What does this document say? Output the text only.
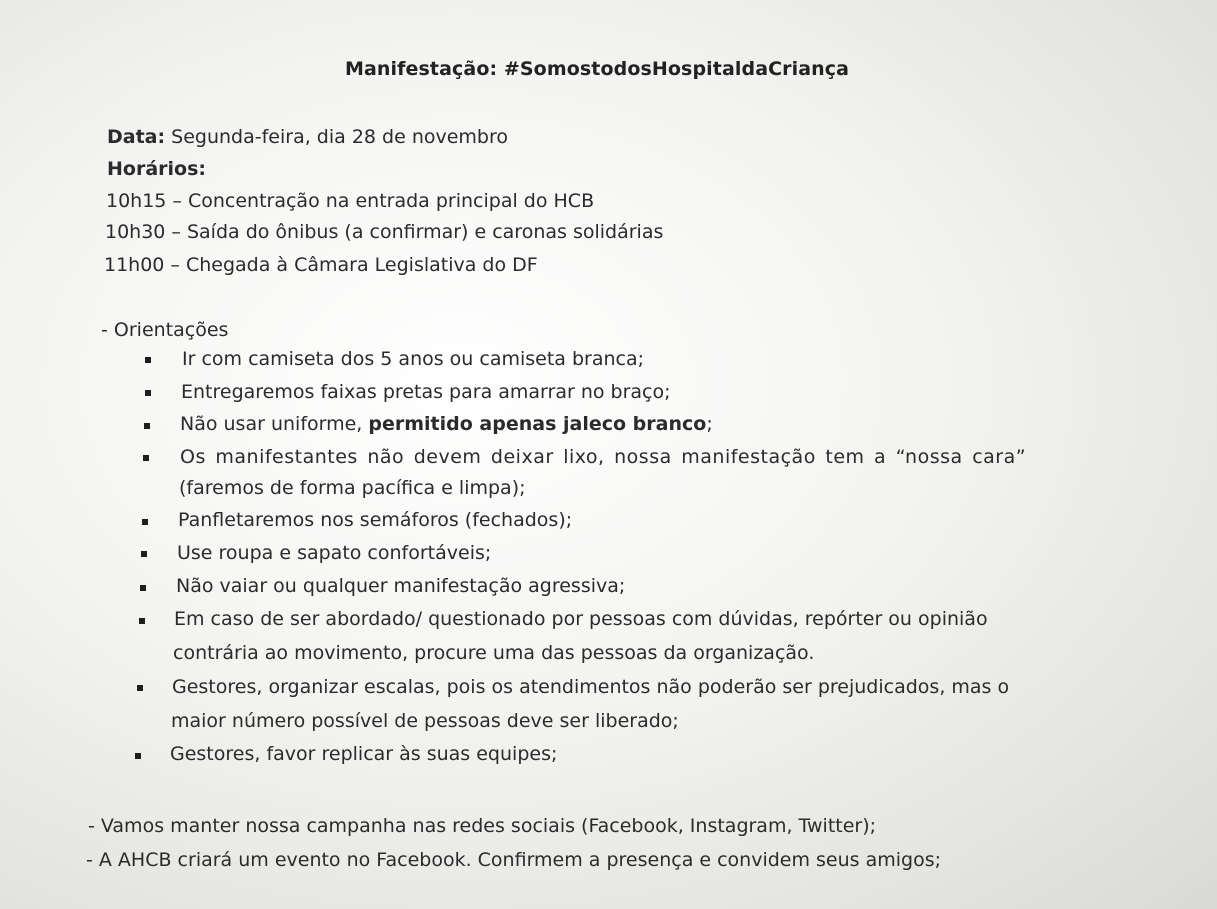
Manifestação: #SomostodosHospitaldaCriança
Data: Segunda-feira, dia 28 de novembro
Horários:
10h15 – Concentração na entrada principal do HCB
10h30 – Saída do ônibus (a confirmar) e caronas solidárias
11h00 – Chegada à Câmara Legislativa do DF
- Orientações
Ir com camiseta dos 5 anos ou camiseta branca;
Entregaremos faixas pretas para amarrar no braço;
Não usar uniforme, permitido apenas jaleco branco;
Os manifestantes não devem deixar lixo, nossa manifestação tem a “nossa cara”
(faremos de forma pacífica e limpa);
Panfletaremos nos semáforos (fechados);
Use roupa e sapato confortáveis;
Não vaiar ou qualquer manifestação agressiva;
Em caso de ser abordado/ questionado por pessoas com dúvidas, repórter ou opinião
contrária ao movimento, procure uma das pessoas da organização.
Gestores, organizar escalas, pois os atendimentos não poderão ser prejudicados, mas o
maior número possível de pessoas deve ser liberado;
Gestores, favor replicar às suas equipes;
- Vamos manter nossa campanha nas redes sociais (Facebook, Instagram, Twitter);
- A AHCB criará um evento no Facebook. Confirmem a presença e convidem seus amigos;
